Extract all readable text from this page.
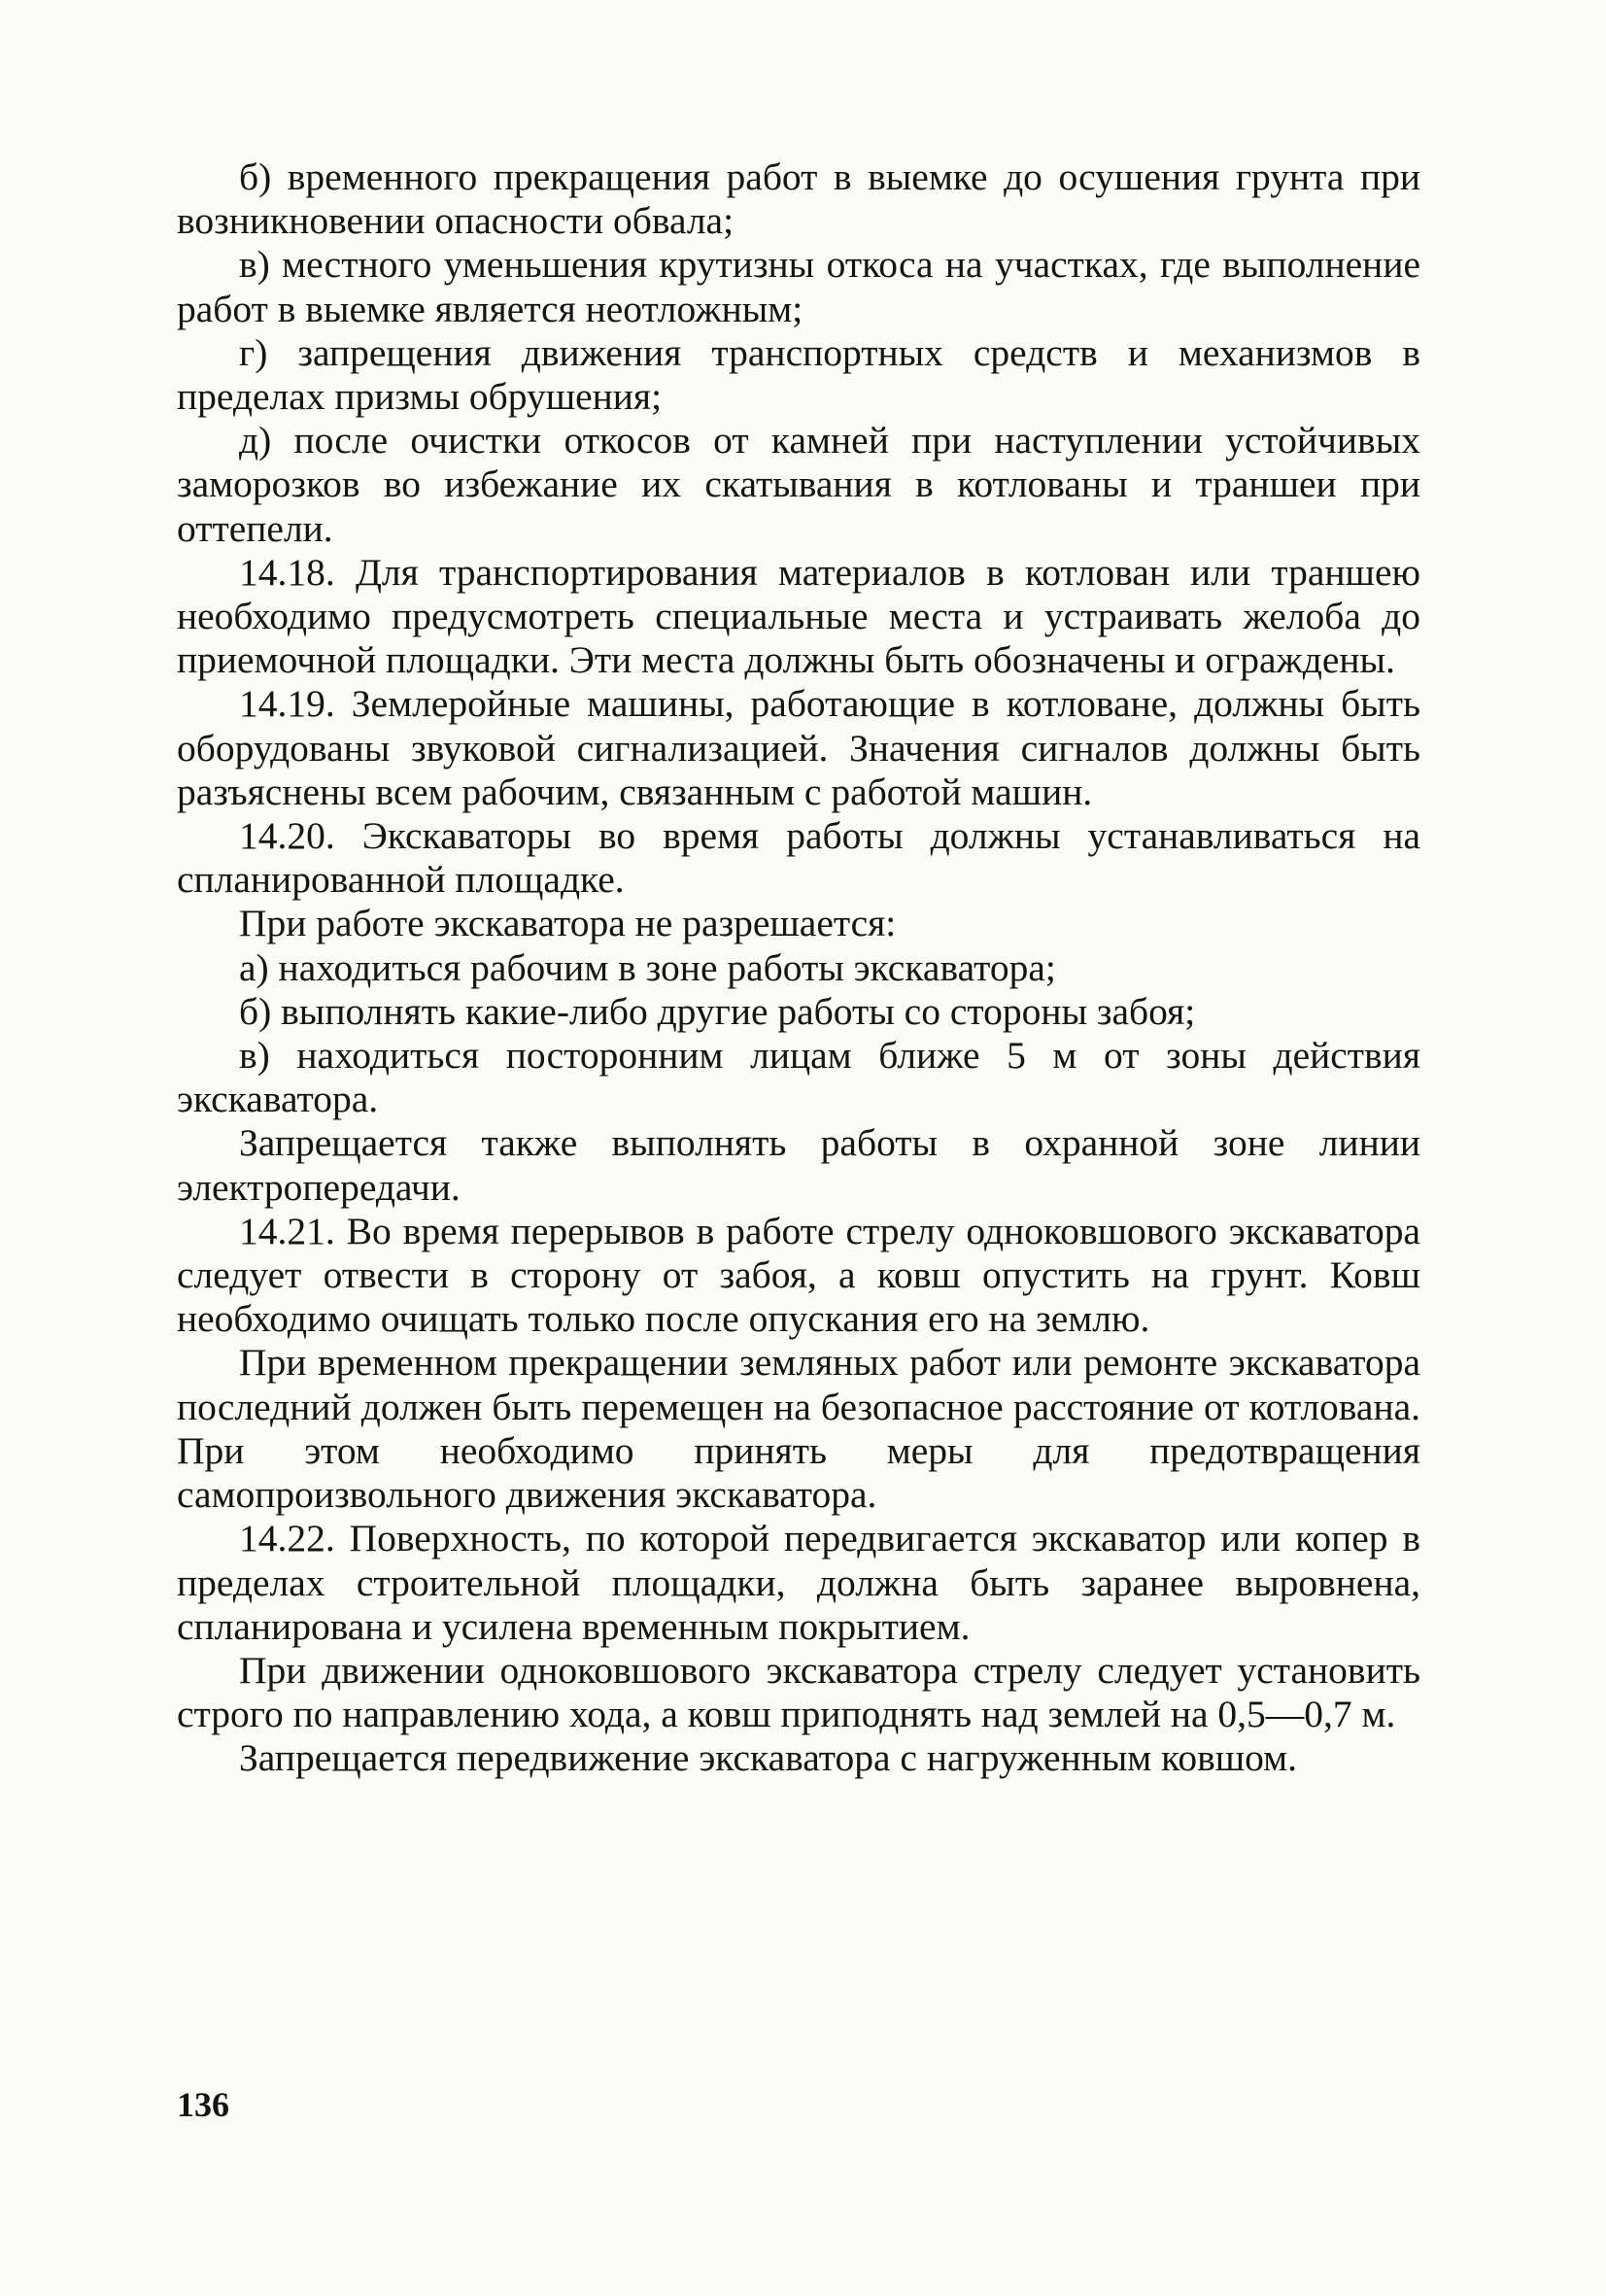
б) временного прекращения работ в выемке до осушения грунта при возникновении опасности обвала;

в) местного уменьшения крутизны откоса на участках, где выполнение работ в выемке является неотложным;

г) запрещения движения транспортных средств и механизмов в пределах призмы обрушения;

д) после очистки откосов от камней при наступлении устойчивых заморозков во избежание их скатывания в котлованы и траншеи при оттепели.

14.18. Для транспортирования материалов в котлован или траншею необходимо предусмотреть специальные места и устраивать желоба до приемочной площадки. Эти места должны быть обозначены и ограждены.

14.19. Землеройные машины, работающие в котловане, должны быть оборудованы звуковой сигнализацией. Значения сигналов должны быть разъяснены всем рабочим, связанным с работой машин.

14.20. Экскаваторы во время работы должны устанавливаться на спланированной площадке.

При работе экскаватора не разрешается:

а) находиться рабочим в зоне работы экскаватора;

б) выполнять какие-либо другие работы со стороны забоя;

в) находиться посторонним лицам ближе 5 м от зоны действия экскаватора.

Запрещается также выполнять работы в охранной зоне линии электропередачи.

14.21. Во время перерывов в работе стрелу одноковшового экскаватора следует отвести в сторону от забоя, а ковш опустить на грунт. Ковш необходимо очищать только после опускания его на землю.

При временном прекращении земляных работ или ремонте экскаватора последний должен быть перемещен на безопасное расстояние от котлована. При этом необходимо принять меры для предотвращения самопроизвольного движения экскаватора.

14.22. Поверхность, по которой передвигается экскаватор или копер в пределах строительной площадки, должна быть заранее выровнена, спланирована и усилена временным покрытием.

При движении одноковшового экскаватора стрелу следует установить строго по направлению хода, а ковш приподнять над землей на 0,5—0,7 м.

Запрещается передвижение экскаватора с нагруженным ковшом.

136
